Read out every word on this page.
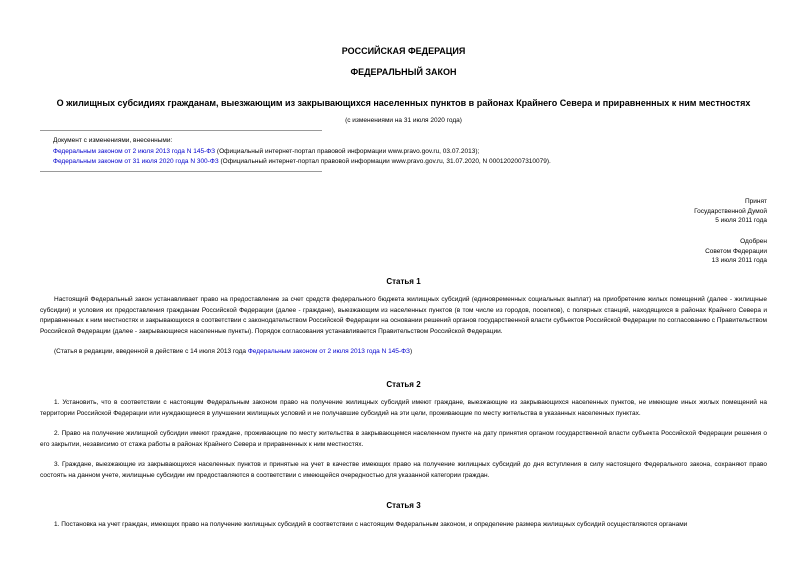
РОССИЙСКАЯ ФЕДЕРАЦИЯ
ФЕДЕРАЛЬНЫЙ ЗАКОН
О жилищных субсидиях гражданам, выезжающим из закрывающихся населенных пунктов в районах Крайнего Севера и приравненных к ним местностях
(с изменениями на 31 июля 2020 года)
Документ с изменениями, внесенными:
Федеральным законом от 2 июля 2013 года N 145-ФЗ (Официальный интернет-портал правовой информации www.pravo.gov.ru, 03.07.2013);
Федеральным законом от 31 июля 2020 года N 300-ФЗ (Официальный интернет-портал правовой информации www.pravo.gov.ru, 31.07.2020, N 0001202007310079).
Принят
Государственной Думой
5 июля 2011 года
Одобрен
Советом Федерации
13 июля 2011 года
Статья 1
Настоящий Федеральный закон устанавливает право на предоставление за счет средств федерального бюджета жилищных субсидий (единовременных социальных выплат) на приобретение жилых помещений (далее - жилищные субсидии) и условия их предоставления гражданам Российской Федерации (далее - граждане), выезжающим из населенных пунктов (в том числе из городов, поселков), с полярных станций, находящихся в районах Крайнего Севера и приравненных к ним местностях и закрывающихся в соответствии с законодательством Российской Федерации на основании решений органов государственной власти субъектов Российской Федерации по согласованию с Правительством Российской Федерации (далее - закрывающиеся населенные пункты). Порядок согласования устанавливается Правительством Российской Федерации.
(Статья в редакции, введенной в действие с 14 июля 2013 года Федеральным законом от 2 июля 2013 года N 145-ФЗ)
Статья 2
1. Установить, что в соответствии с настоящим Федеральным законом право на получение жилищных субсидий имеют граждане, выезжающие из закрывающихся населенных пунктов, не имеющие иных жилых помещений на территории Российской Федерации или нуждающиеся в улучшении жилищных условий и не получавшие субсидий на эти цели, проживающие по месту жительства в указанных населенных пунктах.
2. Право на получение жилищной субсидии имеют граждане, проживающие по месту жительства в закрывающемся населенном пункте на дату принятия органом государственной власти субъекта Российской Федерации решения о его закрытии, независимо от стажа работы в районах Крайнего Севера и приравненных к ним местностях.
3. Граждане, выезжающие из закрывающихся населенных пунктов и принятые на учет в качестве имеющих право на получение жилищных субсидий до дня вступления в силу настоящего Федерального закона, сохраняют право состоять на данном учете, жилищные субсидии им предоставляются в соответствии с имеющейся очередностью для указанной категории граждан.
Статья 3
1. Постановка на учет граждан, имеющих право на получение жилищных субсидий в соответствии с настоящим Федеральным законом, и определение размера жилищных субсидий осуществляются органами
